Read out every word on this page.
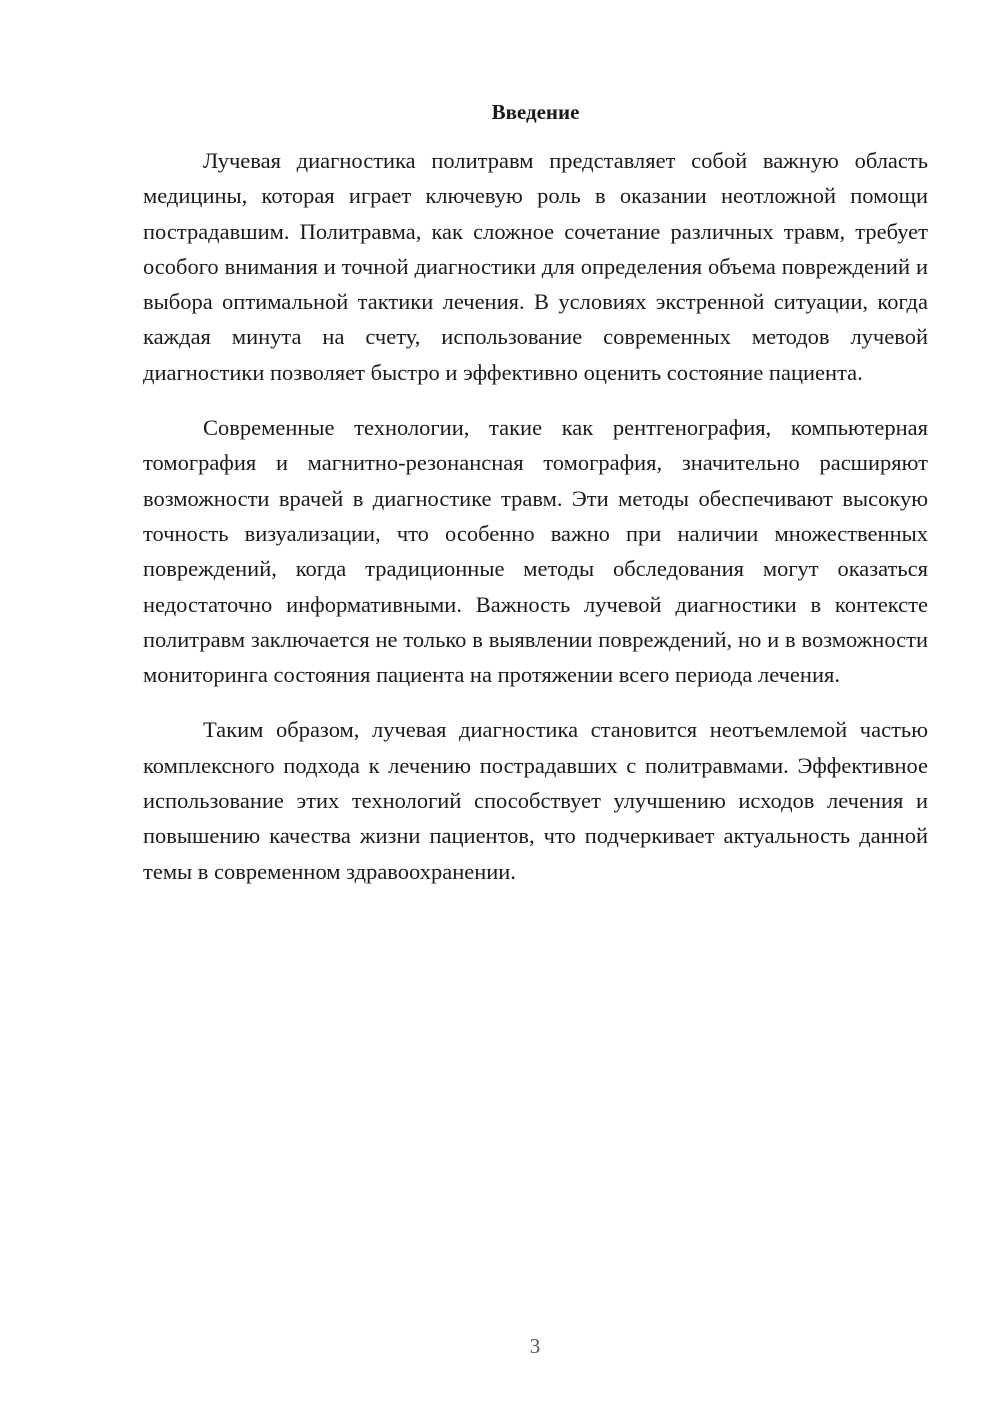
Введение

Лучевая диагностика политравм представляет собой важную область медицины, которая играет ключевую роль в оказании неотложной помощи пострадавшим. Политравма, как сложное сочетание различных травм, требует особого внимания и точной диагностики для определения объема повреждений и выбора оптимальной тактики лечения. В условиях экстренной ситуации, когда каждая минута на счету, использование современных методов лучевой диагностики позволяет быстро и эффективно оценить состояние пациента.

Современные технологии, такие как рентгенография, компьютерная томография и магнитно-резонансная томография, значительно расширяют возможности врачей в диагностике травм. Эти методы обеспечивают высокую точность визуализации, что особенно важно при наличии множественных повреждений, когда традиционные методы обследования могут оказаться недостаточно информативными. Важность лучевой диагностики в контексте политравм заключается не только в выявлении повреждений, но и в возможности мониторинга состояния пациента на протяжении всего периода лечения.

Таким образом, лучевая диагностика становится неотъемлемой частью комплексного подхода к лечению пострадавших с политравмами. Эффективное использование этих технологий способствует улучшению исходов лечения и повышению качества жизни пациентов, что подчеркивает актуальность данной темы в современном здравоохранении.

3
